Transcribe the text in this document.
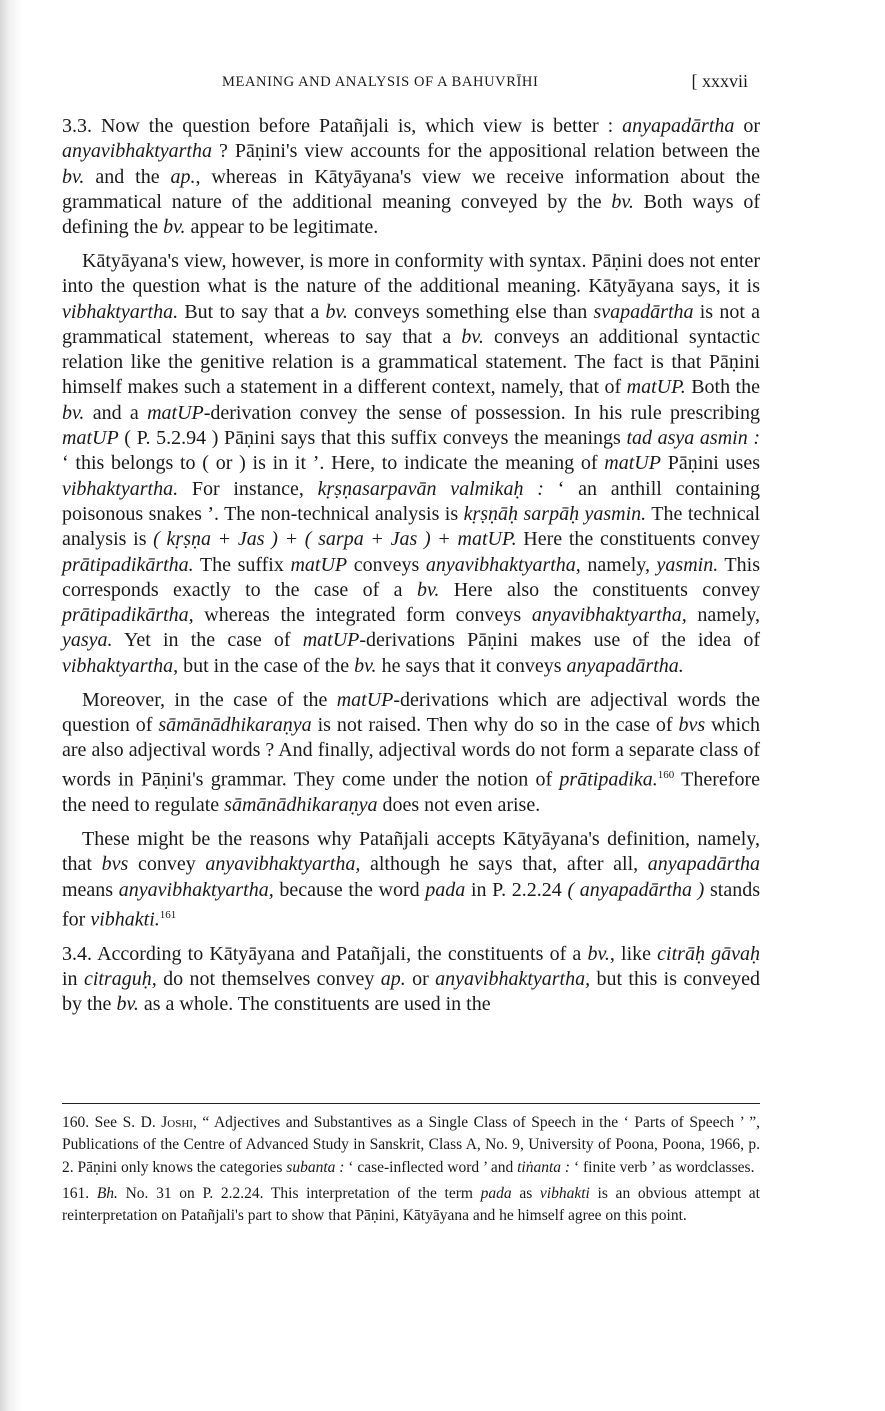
MEANING AND ANALYSIS OF A BAHUVRĪHI	[ xxxvii

3.3. Now the question before Patañjali is, which view is better : anyapadārtha or anyavibhaktyartha ? Pāṇini's view accounts for the appositional relation between the bv. and the ap., whereas in Kātyāyana's view we receive information about the grammatical nature of the additional meaning conveyed by the bv. Both ways of defining the bv. appear to be legitimate.

Kātyāyana's view, however, is more in conformity with syntax. Pāṇini does not enter into the question what is the nature of the additional meaning. Kātyāyana says, it is vibhaktyartha. But to say that a bv. conveys something else than svapadārtha is not a grammatical statement, whereas to say that a bv. conveys an additional syntactic relation like the genitive relation is a grammatical statement. The fact is that Pāṇini himself makes such a statement in a different context, namely, that of matUP. Both the bv. and a matUP-derivation convey the sense of possession. In his rule prescribing matUP ( P. 5.2.94 ) Pāṇini says that this suffix conveys the meanings tad asya asmin : ‘ this belongs to ( or ) is in it ’. Here, to indicate the meaning of matUP Pāṇini uses vibhaktyartha. For instance, kṛṣṇasarpavān valmikaḥ : ‘ an anthill containing poisonous snakes ’. The non-technical analysis is kṛṣṇāḥ sarpāḥ yasmin. The technical analysis is ( kṛṣṇa + Jas ) + ( sarpa + Jas ) + matUP. Here the constituents convey prātipadikārtha. The suffix matUP conveys anyavibhaktyartha, namely, yasmin. This corresponds exactly to the case of a bv. Here also the constituents convey prātipadikārtha, whereas the integrated form conveys anyavibhaktyartha, namely, yasya. Yet in the case of matUP-derivations Pāṇini makes use of the idea of vibhaktyartha, but in the case of the bv. he says that it conveys anyapadārtha.

Moreover, in the case of the matUP-derivations which are adjectival words the question of sāmānādhikaraṇya is not raised. Then why do so in the case of bvs which are also adjectival words ? And finally, adjectival words do not form a separate class of words in Pāṇini's grammar. They come under the notion of prātipadika.$^{160}$ Therefore the need to regulate sāmānādhikaraṇya does not even arise.

These might be the reasons why Patañjali accepts Kātyāyana's definition, namely, that bvs convey anyavibhaktyartha, although he says that, after all, anyapadārtha means anyavibhaktyartha, because the word pada in P. 2.2.24 ( anyapadārtha ) stands for vibhakti.$^{161}$

3.4. According to Kātyāyana and Patañjali, the constituents of a bv., like citrāḥ gāvaḥ in citraguḥ, do not themselves convey ap. or anyavibhaktyartha, but this is conveyed by the bv. as a whole. The constituents are used in the

160. See S. D. Joshi, “ Adjectives and Substantives as a Single Class of Speech in the ‘ Parts of Speech ’ ”, Publications of the Centre of Advanced Study in Sanskrit, Class A, No. 9, University of Poona, Poona, 1966, p. 2. Pāṇini only knows the categories subanta : ‘ case-inflected word ’ and tiṅanta : ‘ finite verb ’ as wordclasses.

161. Bh. No. 31 on P. 2.2.24. This interpretation of the term pada as vibhakti is an obvious attempt at reinterpretation on Patañjali's part to show that Pāṇini, Kātyāyana and he himself agree on this point.
